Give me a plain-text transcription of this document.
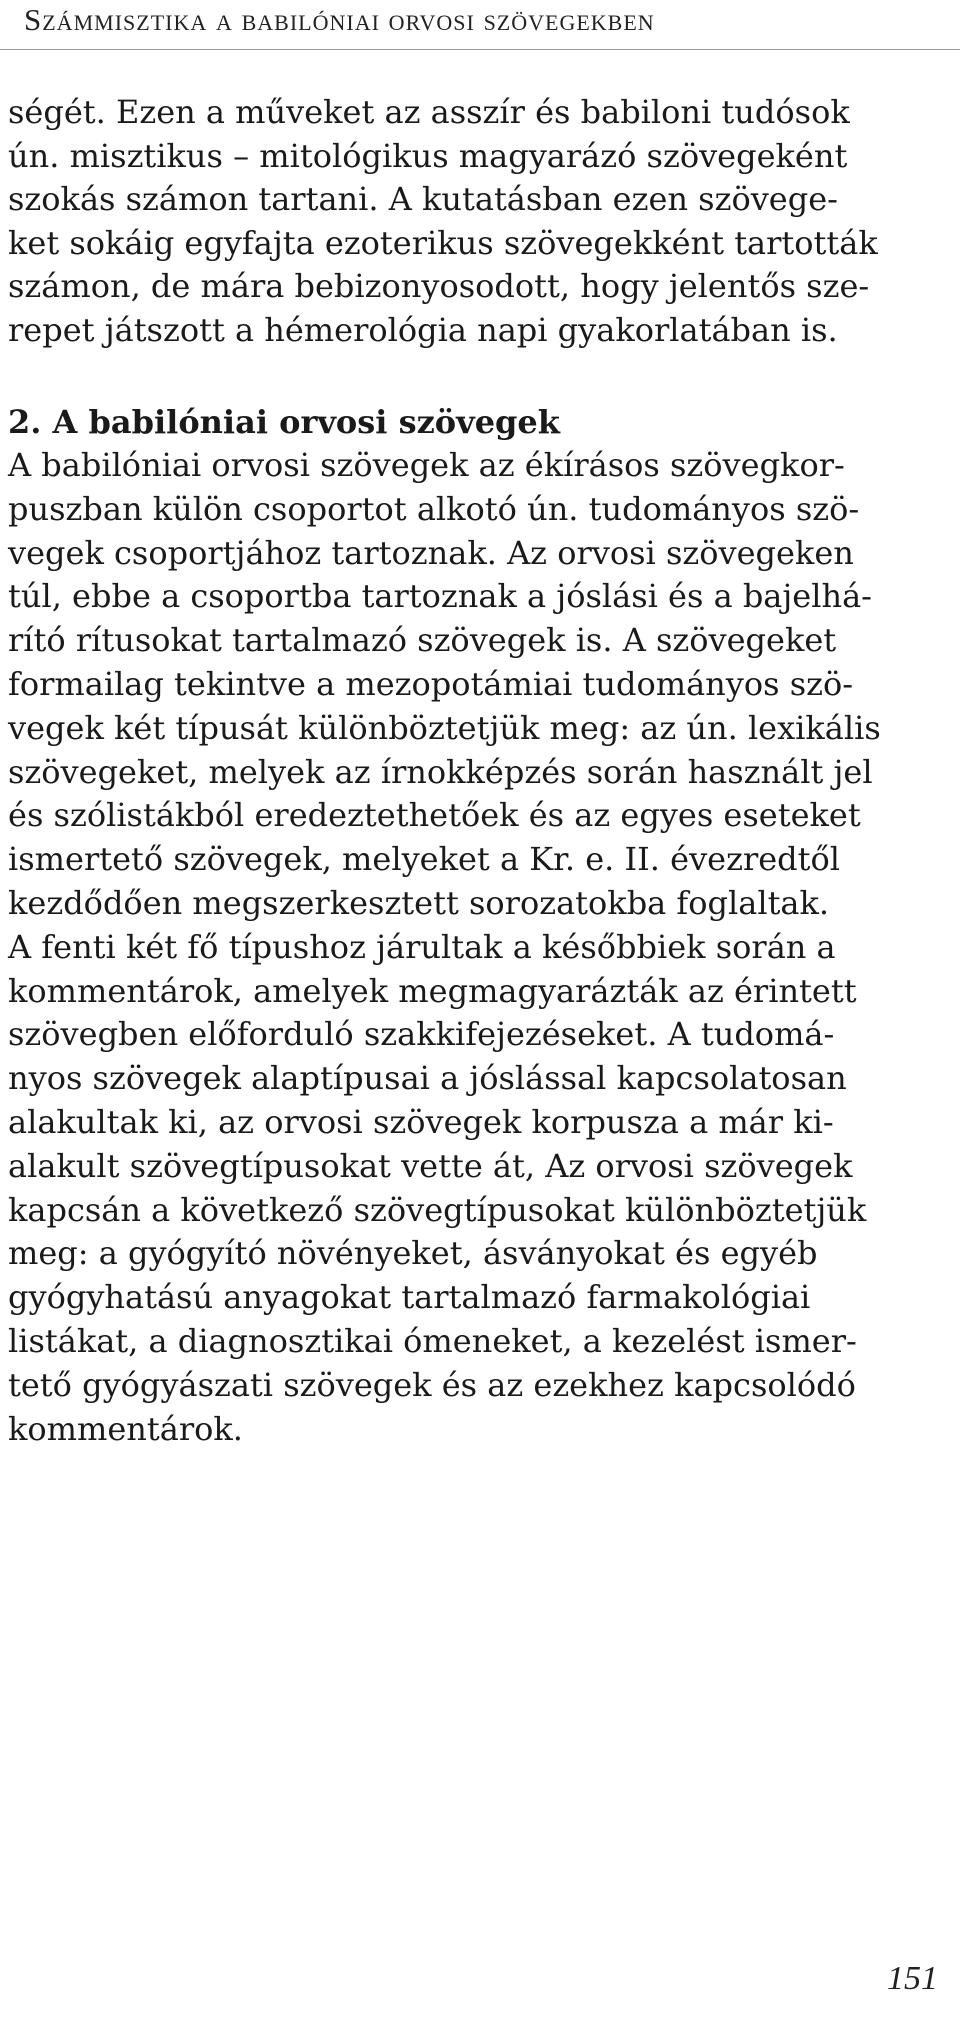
Számmisztika a babilóniai orvosi szövegekben
ségét. Ezen a műveket az asszír és babiloni tudósok
ún. misztikus – mitológikus magyarázó szövegeként
szokás számon tartani. A kutatásban ezen szövege-
ket sokáig egyfajta ezoterikus szövegekként tartották
számon, de mára bebizonyosodott, hogy jelentős sze-
repet játszott a hémerológia napi gyakorlatában is.
2. A babilóniai orvosi szövegek
A babilóniai orvosi szövegek az ékírásos szövegkor-
puszban külön csoportot alkotó ún. tudományos szö-
vegek csoportjához tartoznak. Az orvosi szövegeken
túl, ebbe a csoportba tartoznak a jóslási és a bajelhá-
rító rítusokat tartalmazó szövegek is. A szövegeket
formailag tekintve a mezopotámiai tudományos szö-
vegek két típusát különböztetjük meg: az ún. lexikális
szövegeket, melyek az írnokképzés során használt jel
és szólistákból eredeztethetőek és az egyes eseteket
ismertető szövegek, melyeket a Kr. e. II. évezredtől
kezdődően megszerkesztett sorozatokba foglaltak.
A fenti két fő típushoz járultak a későbbiek során a
kommentárok, amelyek megmagyarázták az érintett
szövegben előforduló szakkifejezéseket. A tudomá-
nyos szövegek alaptípusai a jóslással kapcsolatosan
alakultak ki, az orvosi szövegek korpusza a már ki-
alakult szövegtípusokat vette át, Az orvosi szövegek
kapcsán a következő szövegtípusokat különböztetjük
meg: a gyógyító növényeket, ásványokat és egyéb
gyógyhatású anyagokat tartalmazó farmakológiai
listákat, a diagnosztikai ómeneket, a kezelést ismer-
tető gyógyászati szövegek és az ezekhez kapcsolódó
kommentárok.
151
